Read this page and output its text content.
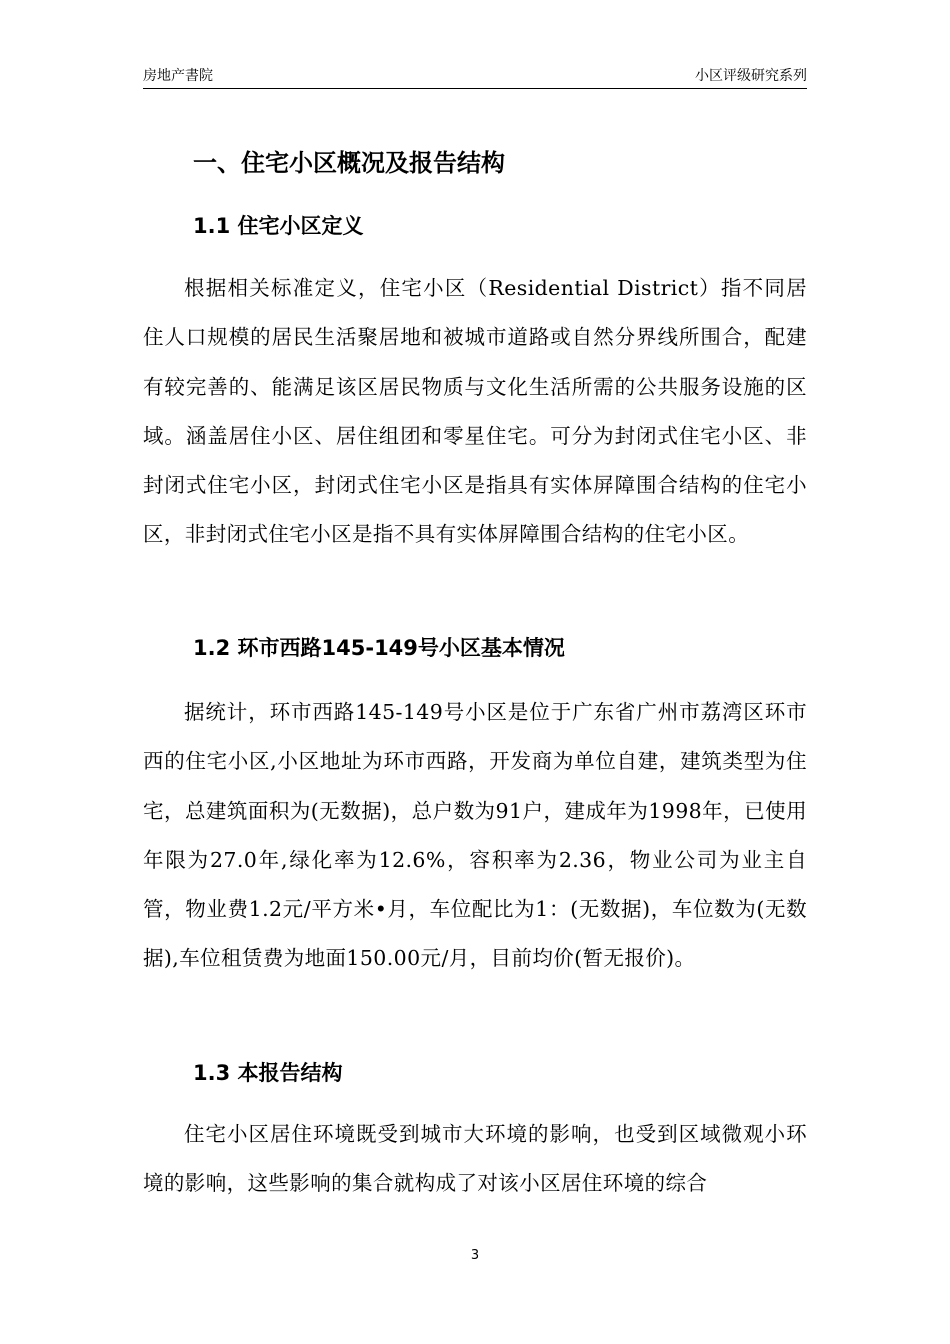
房地产書院	小区评级研究系列
一、住宅小区概况及报告结构
1.1 住宅小区定义

根据相关标准定义，住宅小区（Residential District）指不同居住人口规模的居民生活聚居地和被城市道路或自然分界线所围合，配建有较完善的、能满足该区居民物质与文化生活所需的公共服务设施的区域。涵盖居住小区、居住组团和零星住宅。可分为封闭式住宅小区、非封闭式住宅小区，封闭式住宅小区是指具有实体屏障围合结构的住宅小区，非封闭式住宅小区是指不具有实体屏障围合结构的住宅小区。

1.2 环市西路145-149号小区基本情况

据统计，环市西路145-149号小区是位于广东省广州市荔湾区环市西的住宅小区,小区地址为环市西路，开发商为单位自建，建筑类型为住宅，总建筑面积为(无数据)，总户数为91户，建成年为1998年，已使用年限为27.0年,绿化率为12.6%，容积率为2.36，物业公司为业主自管，物业费1.2元/平方米•月，车位配比为1：(无数据)，车位数为(无数据),车位租赁费为地面150.00元/月，目前均价(暂无报价)。

1.3 本报告结构

住宅小区居住环境既受到城市大环境的影响，也受到区域微观小环境的影响，这些影响的集合就构成了对该小区居住环境的综合

3
